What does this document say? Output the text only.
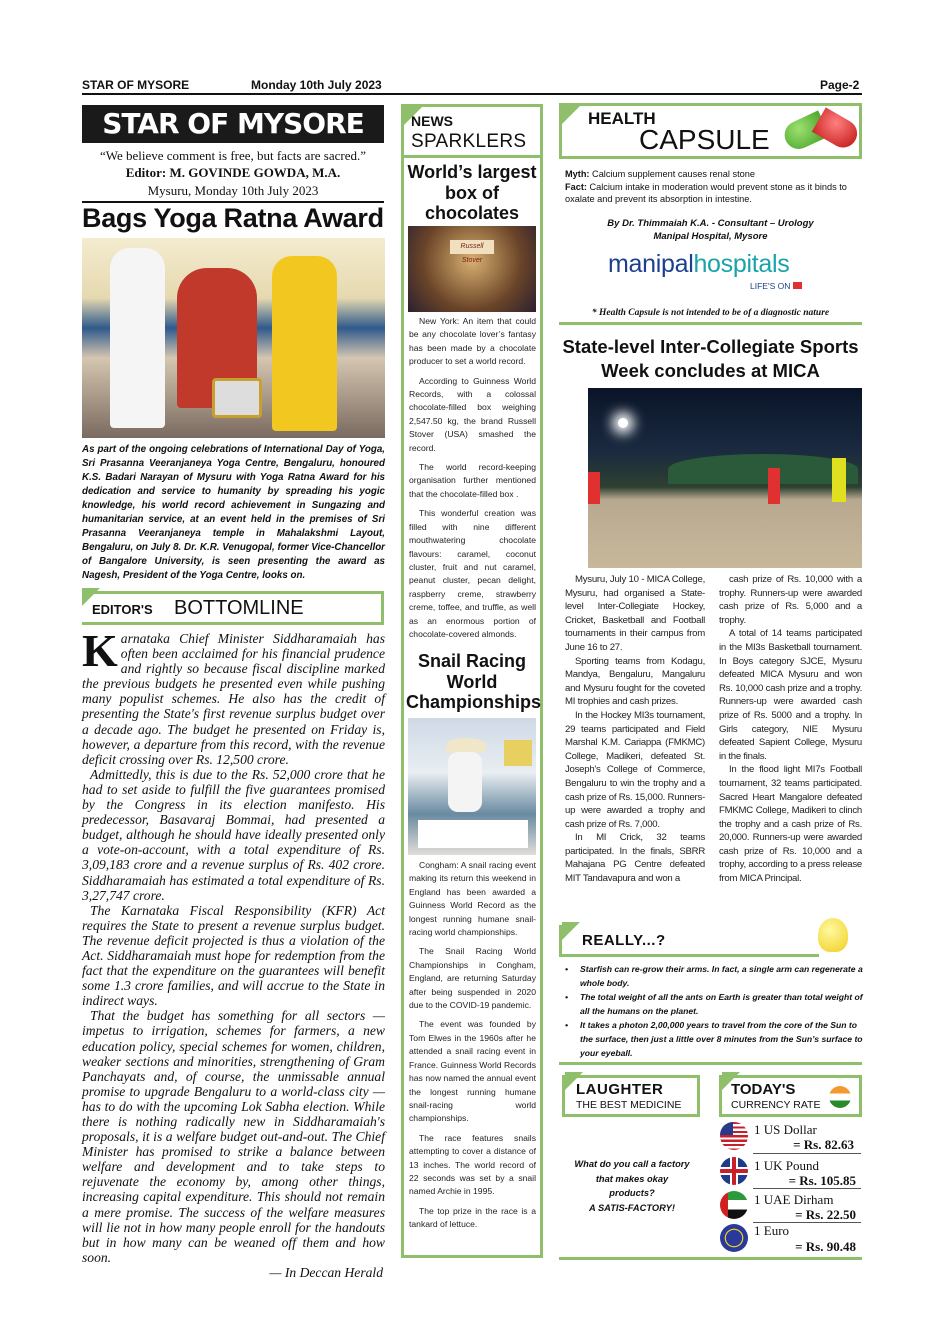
STAR OF MYSORE	Monday 10th July 2023	Page-2
STAR OF MYSORE
“We believe comment is free, but facts are sacred.”
Editor: M. GOVINDE GOWDA, M.A.
Mysuru, Monday 10th July 2023
Bags Yoga Ratna Award
As part of the ongoing celebrations of International Day of Yoga, Sri Prasanna Veeranjaneya Yoga Centre, Bengaluru, honoured K.S. Badari Narayan of Mysuru with Yoga Ratna Award for his dedication and service to humanity by spreading his yogic knowledge, his world record achievement in Sungazing and humanitarian service, at an event held in the premises of Sri Prasanna Veeranjaneya temple in Mahalakshmi Layout, Bengaluru, on July 8. Dr. K.R. Venugopal, former Vice-Chancellor of Bangalore University, is seen presenting the award as Nagesh, President of the Yoga Centre, looks on.
EDITOR'S BOTTOMLINE

Karnataka Chief Minister Siddharamaiah has often been acclaimed for his financial prudence and rightly so because fiscal discipline marked the previous budgets he presented even while pushing many populist schemes. He also has the credit of presenting the State's first revenue surplus budget over a decade ago. The budget he presented on Friday is, however, a departure from this record, with the revenue deficit crossing over Rs. 12,500 crore.

Admittedly, this is due to the Rs. 52,000 crore that he had to set aside to fulfill the five guarantees promised by the Congress in its election manifesto. His predecessor, Basavaraj Bommai, had presented a budget, although he should have ideally presented only a vote-on-account, with a total expenditure of Rs. 3,09,183 crore and a revenue surplus of Rs. 402 crore. Siddharamaiah has estimated a total expenditure of Rs. 3,27,747 crore.

The Karnataka Fiscal Responsibility (KFR) Act requires the State to present a revenue surplus budget. The revenue deficit projected is thus a violation of the Act. Siddharamaiah must hope for redemption from the fact that the expenditure on the guarantees will benefit some 1.3 crore families, and will accrue to the State in indirect ways.

That the budget has something for all sectors — impetus to irrigation, schemes for farmers, a new education policy, special schemes for women, children, weaker sections and minorities, strengthening of Gram Panchayats and, of course, the unmissable annual promise to upgrade Bengaluru to a world-class city — has to do with the upcoming Lok Sabha election. While there is nothing radically new in Siddharamaiah's proposals, it is a welfare budget out-and-out. The Chief Minister has promised to strike a balance between welfare and development and to take steps to rejuvenate the economy by, among other things, increasing capital expenditure. This should not remain a mere promise. The success of the welfare measures will lie not in how many people enroll for the handouts but in how many can be weaned off them and how soon.

— In Deccan Herald

NEWS
SPARKLERS
World’s largest box of chocolates
Russell Stover

New York: An item that could be any chocolate lover’s fantasy has been made by a chocolate producer to set a world record.

According to Guinness World Records, with a colossal chocolate-filled box weighing 2,547.50 kg, the brand Russell Stover (USA) smashed the record.

The world record-keeping organisation further mentioned that the chocolate-filled box .

This wonderful creation was filled with nine different mouthwatering chocolate flavours: caramel, coconut cluster, fruit and nut caramel, peanut cluster, pecan delight, raspberry creme, strawberry creme, toffee, and truffle, as well as an enormous portion of chocolate-covered almonds.

Snail Racing World Championships

Congham: A snail racing event making its return this weekend in England has been awarded a Guinness World Record as the longest running humane snail-racing world championships.

The Snail Racing World Championships in Congham, England, are returning Saturday after being suspended in 2020 due to the COVID-19 pandemic.

The event was founded by Tom Elwes in the 1960s after he attended a snail racing event in France. Guinness World Records has now named the annual event the longest running humane snail-racing world championships.

The race features snails attempting to cover a distance of 13 inches. The world record of 22 seconds was set by a snail named Archie in 1995.

The top prize in the race is a tankard of lettuce.

HEALTH
CAPSULE
Myth: Calcium supplement causes renal stone
Fact: Calcium intake in moderation would prevent stone as it binds to oxalate and prevent its absorption in intestine.
By Dr. Thimmaiah K.A. - Consultant – Urology
Manipal Hospital, Mysore
manipalhospitals
LIFE'S ON
* Health Capsule is not intended to be of a diagnostic nature
State-level Inter-Collegiate Sports Week concludes at MICA

Mysuru, July 10 - MICA College, Mysuru, had organised a State- level Inter-Collegiate Hockey, Cricket, Basketball and Football tournaments in their campus from June 16 to 27.

Sporting teams from Kodagu, Mandya, Bengaluru, Mangaluru and Mysuru fought for the coveted MI trophies and cash prizes.

In the Hockey MI3s tournament, 29 teams participated and Field Marshal K.M. Cariappa (FMKMC) College, Madikeri, defeated St. Joseph's College of Commerce, Bengaluru to win the trophy and a cash prize of Rs. 15,000. Runners-up were awarded a trophy and cash prize of Rs. 7,000.

In MI Crick, 32 teams participated. In the finals, SBRR Mahajana PG Centre defeated MIT Tandavapura and won a

cash prize of Rs. 10,000 with a trophy. Runners-up were awarded cash prize of Rs. 5,000 and a trophy.

A total of 14 teams participated in the MI3s Basketball tournament. In Boys category SJCE, Mysuru defeated MICA Mysuru and won Rs. 10,000 cash prize and a trophy. Runners-up were awarded cash prize of Rs. 5000 and a trophy. In Girls category, NIE Mysuru defeated Sapient College, Mysuru in the finals.

In the flood light MI7s Football tournament, 32 teams participated. Sacred Heart Mangalore defeated FMKMC College, Madikeri to clinch the trophy and a cash prize of Rs. 20,000. Runners-up were awarded cash prize of Rs. 10,000 and a trophy, according to a press release from MICA Principal.

REALLY...?
• Starfish can re-grow their arms. In fact, a single arm can regenerate a whole body.
• The total weight of all the ants on Earth is greater than total weight of all the humans on the planet.
• It takes a photon 2,00,000 years to travel from the core of the Sun to the surface, then just a little over 8 minutes from the Sun’s surface to your eyeball.
LAUGHTER
THE BEST MEDICINE
What do you call a factory
that makes okay
products?
A SATIS-FACTORY!
TODAY'S
CURRENCY RATE
1 US Dollar
= Rs. 82.63
1 UK Pound
= Rs. 105.85
1 UAE Dirham
= Rs. 22.50
1 Euro
= Rs. 90.48
